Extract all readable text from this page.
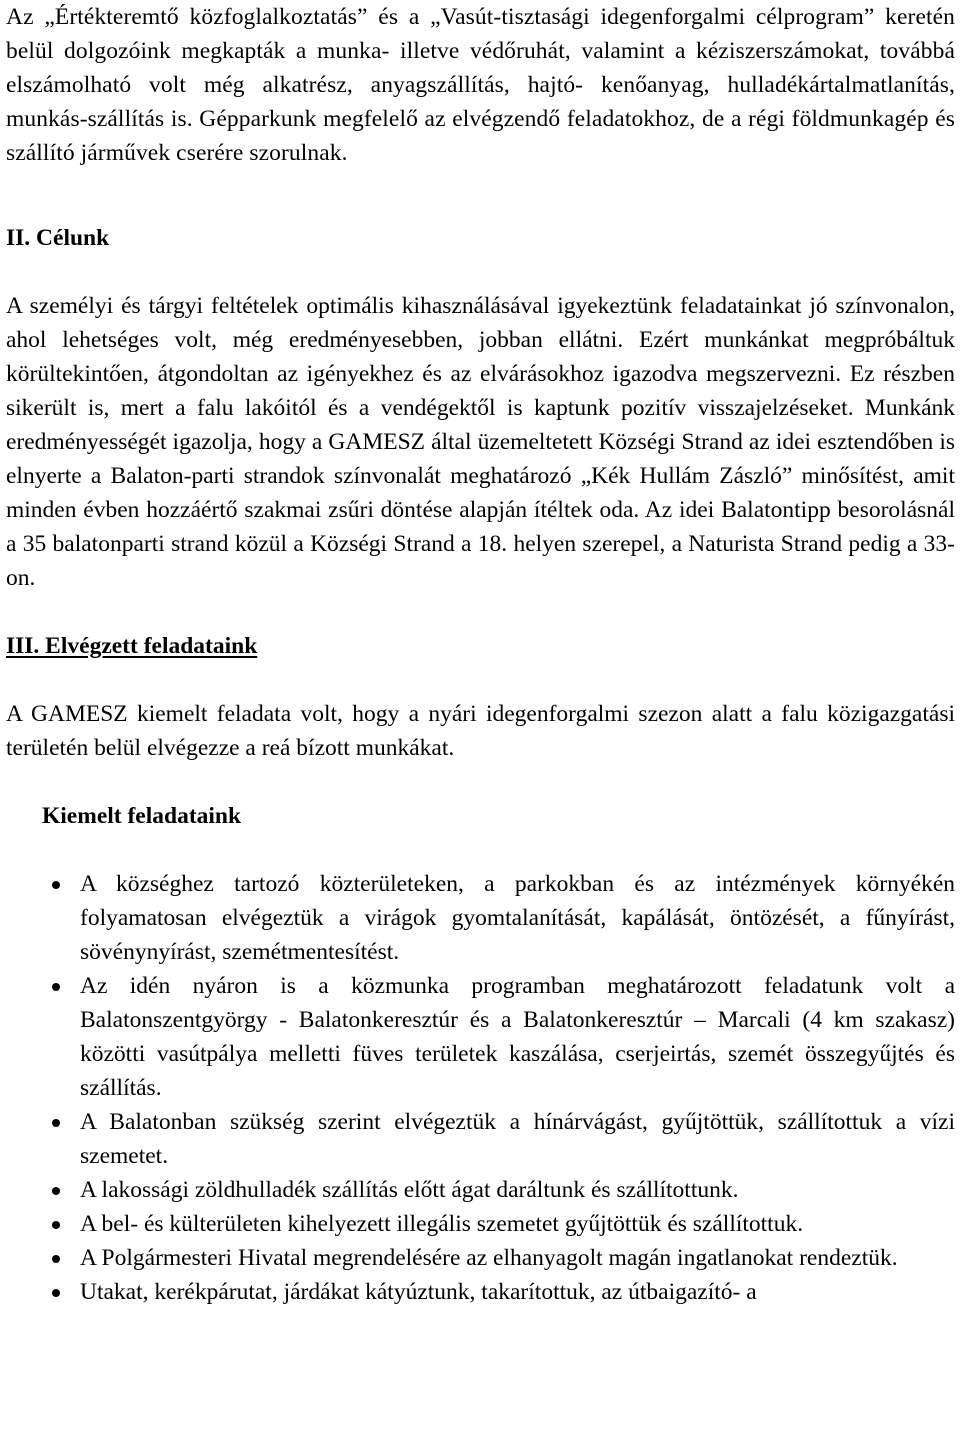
Az „Értékteremtő közfoglalkoztatás” és a „Vasút-tisztasági idegenforgalmi célprogram” keretén belül dolgozóink megkapták a munka- illetve védőruhát, valamint a kéziszerszámokat, továbbá elszámolható volt még alkatrész, anyagszállítás, hajtó- kenőanyag, hulladékártalmatlanítás, munkás-szállítás is. Gépparkunk megfelelő az elvégzendő feladatokhoz, de a régi földmunkagép és szállító járművek cserére szorulnak.

II. Célunk

A személyi és tárgyi feltételek optimális kihasználásával igyekeztünk feladatainkat jó színvonalon, ahol lehetséges volt, még eredményesebben, jobban ellátni. Ezért munkánkat megpróbáltuk körültekintően, átgondoltan az igényekhez és az elvárásokhoz igazodva megszervezni. Ez részben sikerült is, mert a falu lakóitól és a vendégektől is kaptunk pozitív visszajelzéseket. Munkánk eredményességét igazolja, hogy a GAMESZ által üzemeltetett Községi Strand az idei esztendőben is elnyerte a Balaton-parti strandok színvonalát meghatározó „Kék Hullám Zászló” minősítést, amit minden évben hozzáértő szakmai zsűri döntése alapján ítéltek oda. Az idei Balatontipp besorolásnál a 35 balatonparti strand közül a Községi Strand a 18. helyen szerepel, a Naturista Strand pedig a 33-on.

III. Elvégzett feladataink

A GAMESZ kiemelt feladata volt, hogy a nyári idegenforgalmi szezon alatt a falu közigazgatási területén belül elvégezze a reá bízott munkákat.

Kiemelt feladataink

A községhez tartozó közterületeken, a parkokban és az intézmények környékén folyamatosan elvégeztük a virágok gyomtalanítását, kapálását, öntözését, a fűnyírást, sövénynyírást, szemétmentesítést.
Az idén nyáron is a közmunka programban meghatározott feladatunk volt a Balatonszentgyörgy - Balatonkeresztúr és a Balatonkeresztúr – Marcali (4 km szakasz) közötti vasútpálya melletti füves területek kaszálása, cserjeirtás, szemét összegyűjtés és szállítás.
A Balatonban szükség szerint elvégeztük a hínárvágást, gyűjtöttük, szállítottuk a vízi szemetet.
A lakossági zöldhulladék szállítás előtt ágat daráltunk és szállítottunk.
A bel- és külterületen kihelyezett illegális szemetet gyűjtöttük és szállítottuk.
A Polgármesteri Hivatal megrendelésére az elhanyagolt magán ingatlanokat rendeztük.
Utakat, kerékpárutat, járdákat kátyúztunk, takarítottuk, az útbaigazító- a
